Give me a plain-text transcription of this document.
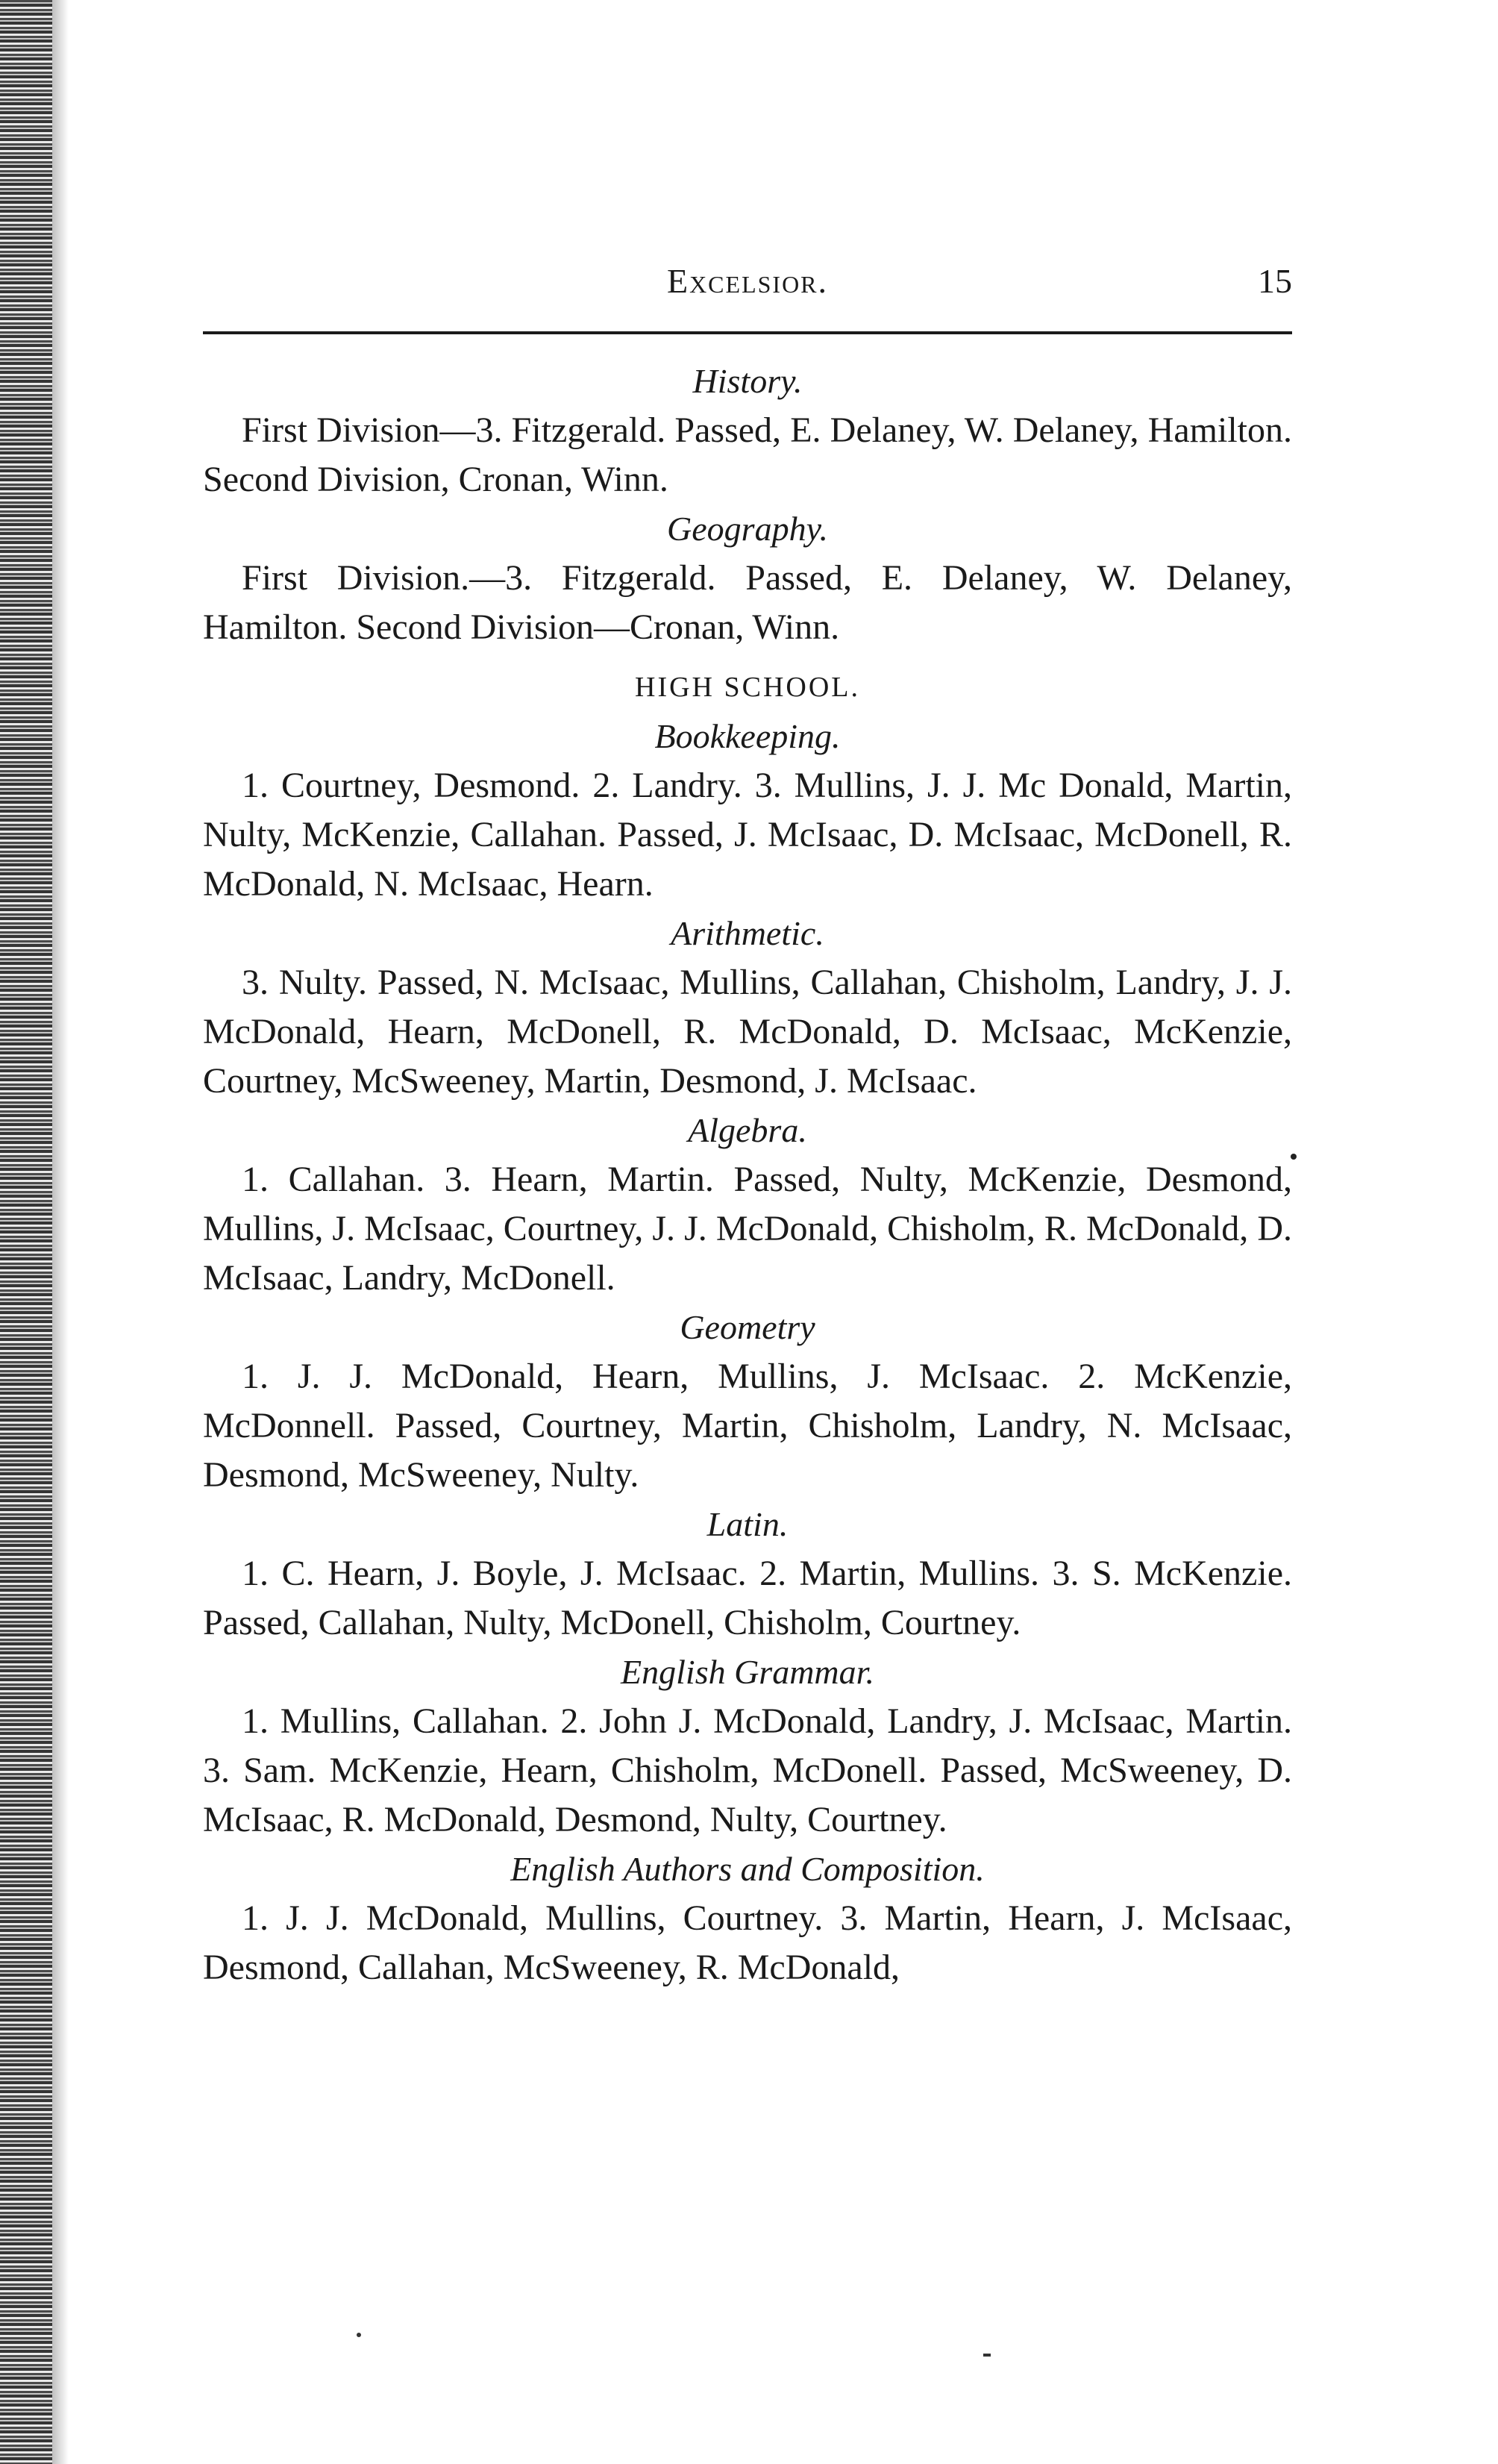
Excelsior.	15

History.

First Division—3. Fitzgerald. Passed, E. Delaney, W. Delaney, Hamilton. Second Division, Cronan, Winn.

Geography.

First Division.—3. Fitzgerald. Passed, E. Delaney, W. Delaney, Hamilton. Second Division—Cronan, Winn.

HIGH SCHOOL.

Bookkeeping.

1. Courtney, Desmond. 2. Landry. 3. Mullins, J. J. Mc Donald, Martin, Nulty, McKenzie, Callahan. Passed, J. McIsaac, D. McIsaac, McDonell, R. McDonald, N. McIsaac, Hearn.

Arithmetic.

3. Nulty. Passed, N. McIsaac, Mullins, Callahan, Chisholm, Landry, J. J. McDonald, Hearn, McDonell, R. McDonald, D. McIsaac, McKenzie, Courtney, McSweeney, Martin, Desmond, J. McIsaac.

Algebra.

1. Callahan. 3. Hearn, Martin. Passed, Nulty, McKenzie, Desmond, Mullins, J. McIsaac, Courtney, J. J. McDonald, Chisholm, R. McDonald, D. McIsaac, Landry, McDonell.

Geometry

1. J. J. McDonald, Hearn, Mullins, J. McIsaac. 2. McKenzie, McDonnell. Passed, Courtney, Martin, Chisholm, Landry, N. McIsaac, Desmond, McSweeney, Nulty.

Latin.

1. C. Hearn, J. Boyle, J. McIsaac. 2. Martin, Mullins. 3. S. McKenzie. Passed, Callahan, Nulty, McDonell, Chisholm, Courtney.

English Grammar.

1. Mullins, Callahan. 2. John J. McDonald, Landry, J. McIsaac, Martin. 3. Sam. McKenzie, Hearn, Chisholm, McDonell. Passed, McSweeney, D. McIsaac, R. McDonald, Desmond, Nulty, Courtney.

English Authors and Composition.

1. J. J. McDonald, Mullins, Courtney. 3. Martin, Hearn, J. McIsaac, Desmond, Callahan, McSweeney, R. McDonald,
